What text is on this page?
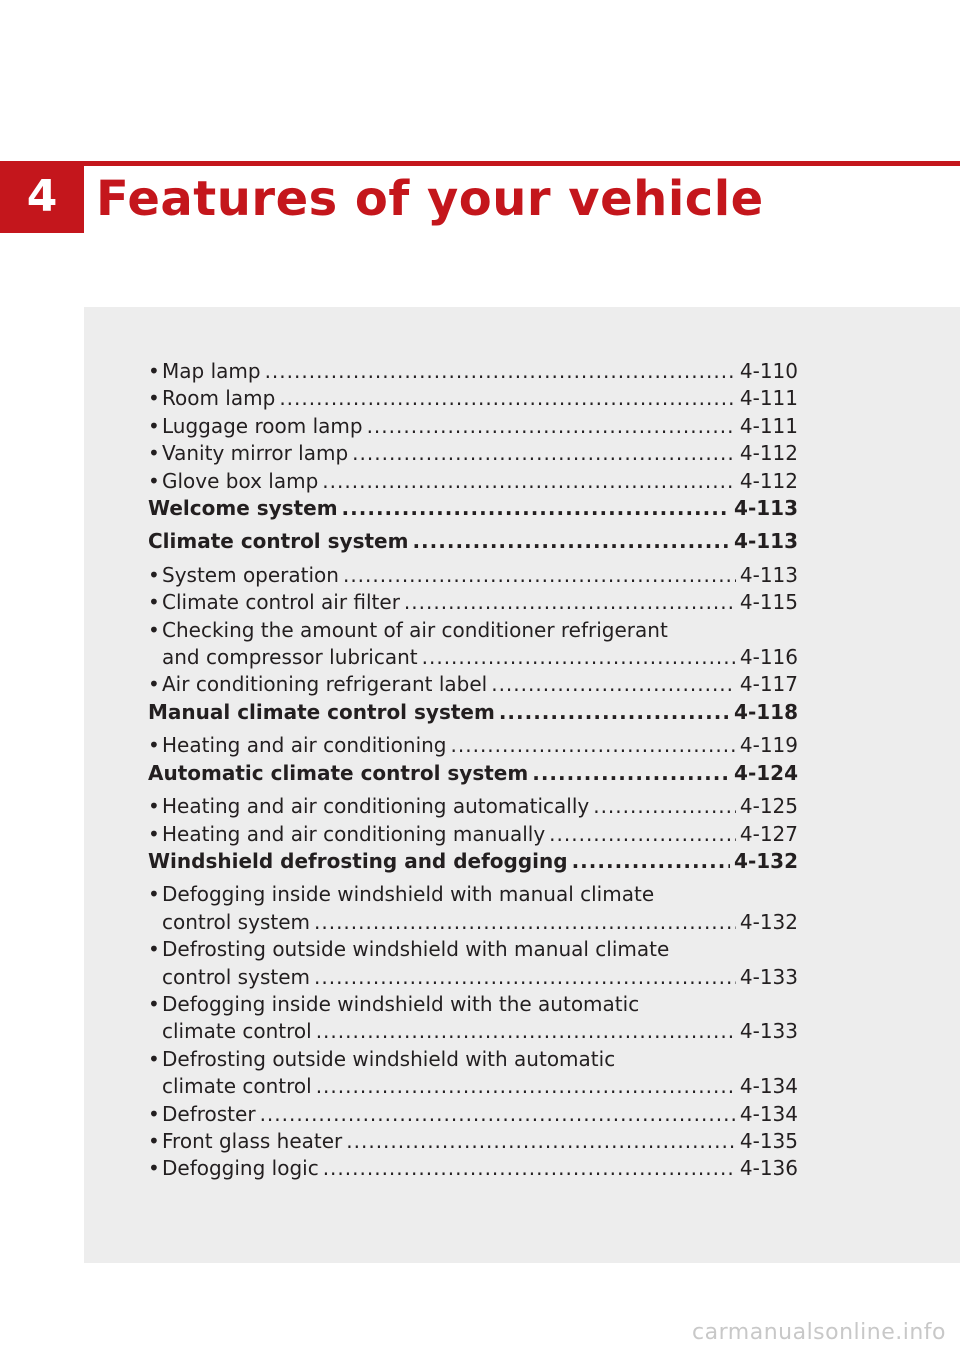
4 Features of your vehicle
• Map lamp .....	4-110
• Room lamp .....	4-111
• Luggage room lamp .....	4-111
• Vanity mirror lamp .....	4-112
• Glove box lamp .....	4-112
Welcome system .....	4-113
Climate control system .....	4-113
• System operation .....	4-113
• Climate control air filter .....	4-115
• Checking the amount of air conditioner refrigerant
and compressor lubricant .....	4-116
• Air conditioning refrigerant label .....	4-117
Manual climate control system .....	4-118
• Heating and air conditioning .....	4-119
Automatic climate control system .....	4-124
• Heating and air conditioning automatically .....	4-125
• Heating and air conditioning manually .....	4-127
Windshield defrosting and defogging .....	4-132
• Defogging inside windshield with manual climate
control system .....	4-132
• Defrosting outside windshield with manual climate
control system .....	4-133
• Defogging inside windshield with the automatic
climate control .....	4-133
• Defrosting outside windshield with automatic
climate control .....	4-134
• Defroster .....	4-134
• Front glass heater .....	4-135
• Defogging logic .....	4-136
carmanualsonline.info
